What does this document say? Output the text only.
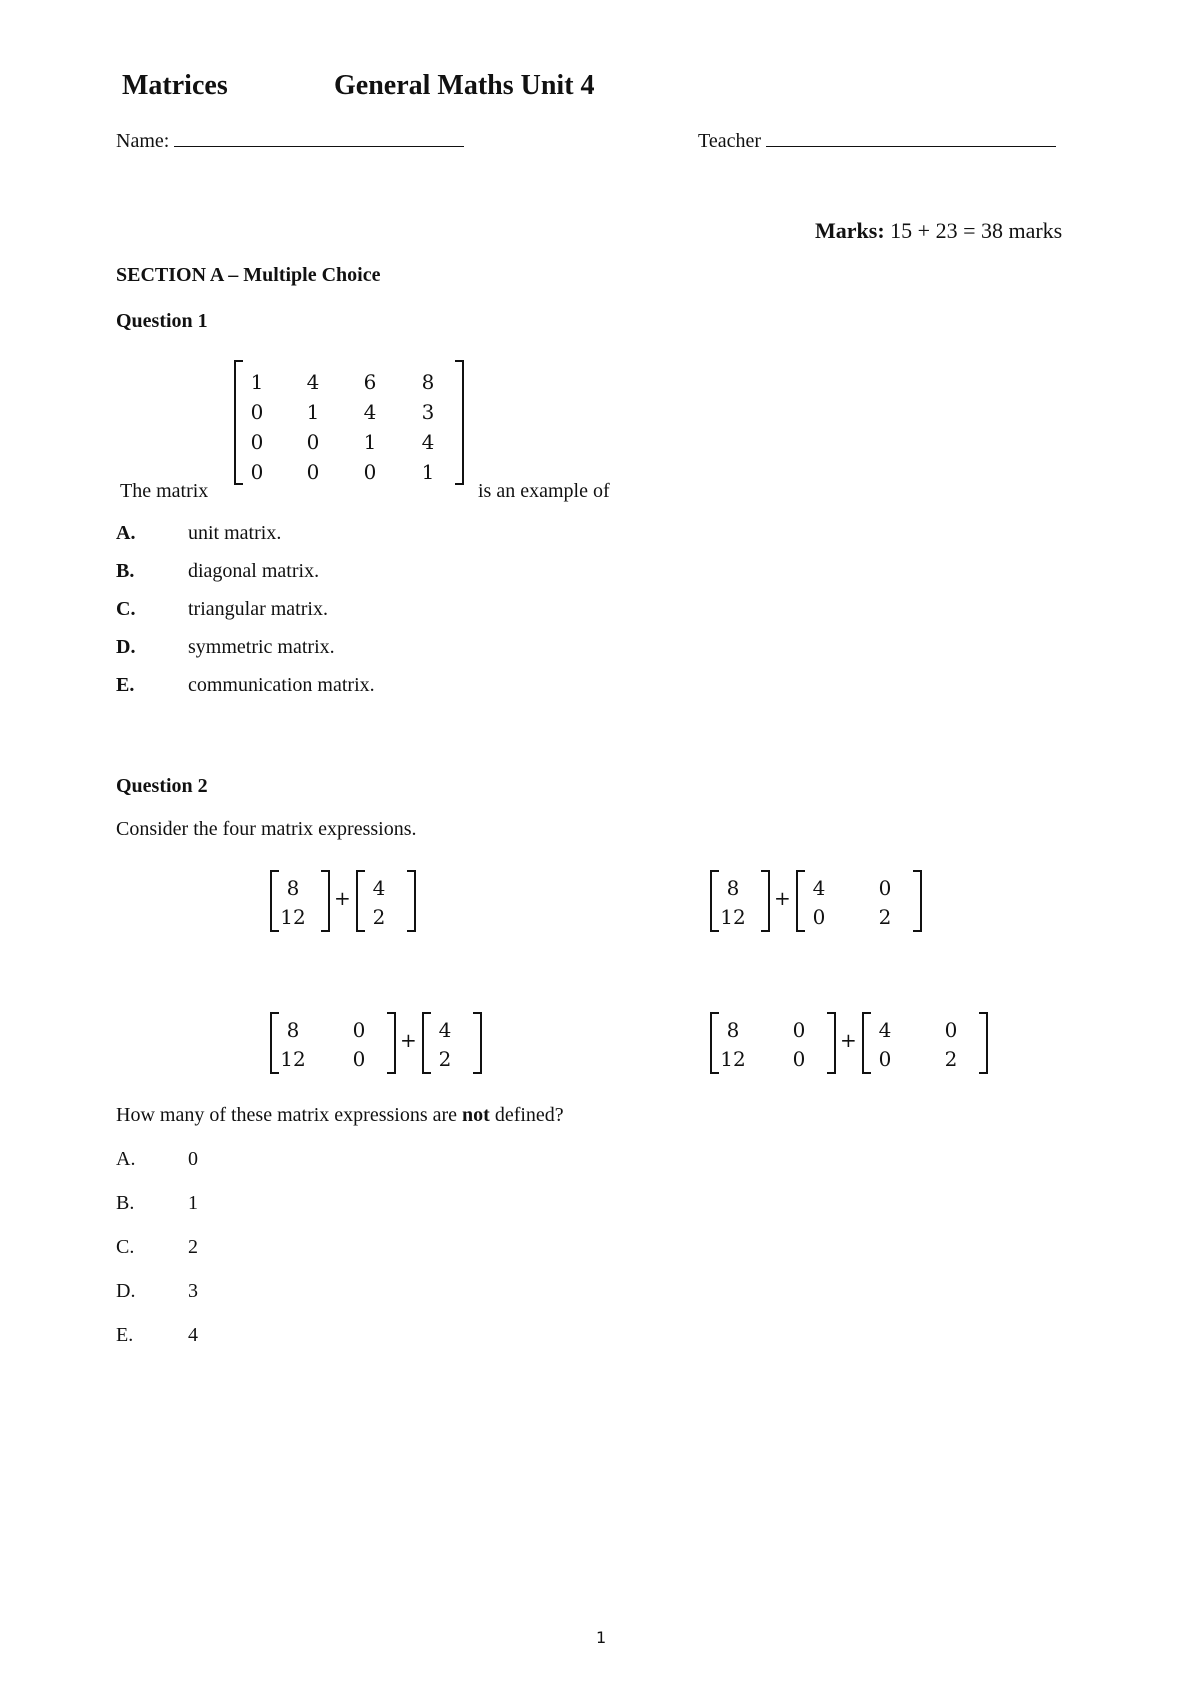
Matrices	General Maths Unit 4
Name:	Teacher
Marks: 15 + 23 = 38 marks
SECTION A – Multiple Choice
Question 1
The matrix
1 4 6 8
0 1 4 3
0 0 1 4
0 0 0 1
is an example of
A.	unit matrix.
B.	diagonal matrix.
C.	triangular matrix.
D.	symmetric matrix.
E.	communication matrix.
Question 2
Consider the four matrix expressions.
8
12
+	4
2
8
12
+	4	0
0	2
8	0
12	0
+	4
2
8	0
12	0
+	4	0
0	2
How many of these matrix expressions are not defined?
A.	0
B.	1
C.	2
D.	3
E.	4
1
